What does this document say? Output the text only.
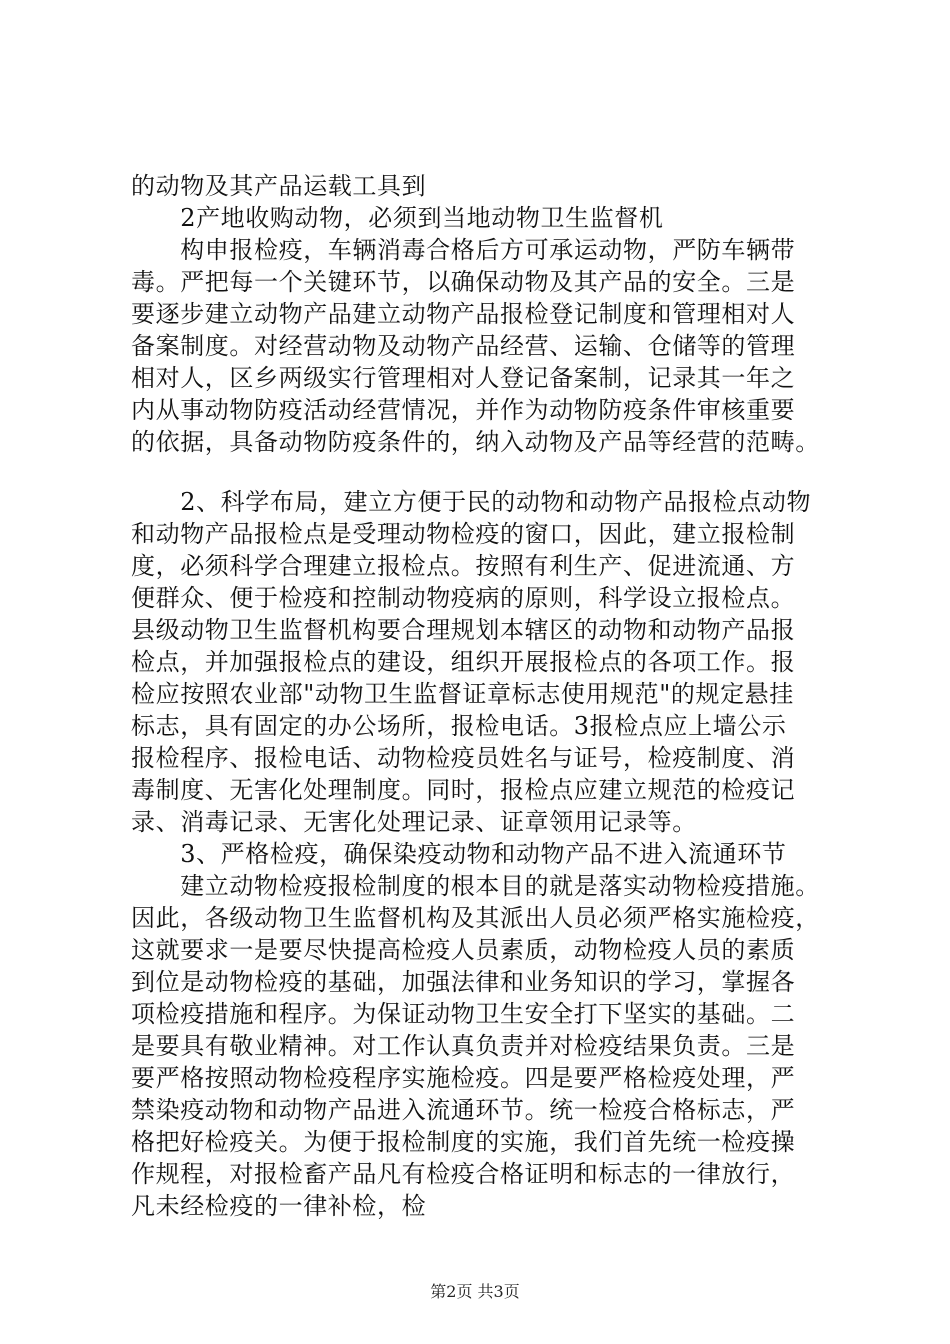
的动物及其产品运载工具到
　　2产地收购动物，必须到当地动物卫生监督机
　　构申报检疫，车辆消毒合格后方可承运动物，严防车辆带
毒。严把每一个关键环节，以确保动物及其产品的安全。三是
要逐步建立动物产品建立动物产品报检登记制度和管理相对人
备案制度。对经营动物及动物产品经营、运输、仓储等的管理
相对人，区乡两级实行管理相对人登记备案制，记录其一年之
内从事动物防疫活动经营情况，并作为动物防疫条件审核重要
的依据，具备动物防疫条件的，纳入动物及产品等经营的范畴。
　　2、科学布局，建立方便于民的动物和动物产品报检点动物
和动物产品报检点是受理动物检疫的窗口，因此，建立报检制
度，必须科学合理建立报检点。按照有利生产、促进流通、方
便群众、便于检疫和控制动物疫病的原则，科学设立报检点。
县级动物卫生监督机构要合理规划本辖区的动物和动物产品报
检点，并加强报检点的建设，组织开展报检点的各项工作。报
检应按照农业部"动物卫生监督证章标志使用规范"的规定悬挂
标志，具有固定的办公场所，报检电话。3报检点应上墙公示
报检程序、报检电话、动物检疫员姓名与证号，检疫制度、消
毒制度、无害化处理制度。同时，报检点应建立规范的检疫记
录、消毒记录、无害化处理记录、证章领用记录等。
　　3、严格检疫，确保染疫动物和动物产品不进入流通环节
　　建立动物检疫报检制度的根本目的就是落实动物检疫措施。
因此，各级动物卫生监督机构及其派出人员必须严格实施检疫，
这就要求一是要尽快提高检疫人员素质，动物检疫人员的素质
到位是动物检疫的基础，加强法律和业务知识的学习，掌握各
项检疫措施和程序。为保证动物卫生安全打下坚实的基础。二
是要具有敬业精神。对工作认真负责并对检疫结果负责。三是
要严格按照动物检疫程序实施检疫。四是要严格检疫处理，严
禁染疫动物和动物产品进入流通环节。统一检疫合格标志，严
格把好检疫关。为便于报检制度的实施，我们首先统一检疫操
作规程，对报检畜产品凡有检疫合格证明和标志的一律放行，
凡未经检疫的一律补检，检
第2页 共3页
